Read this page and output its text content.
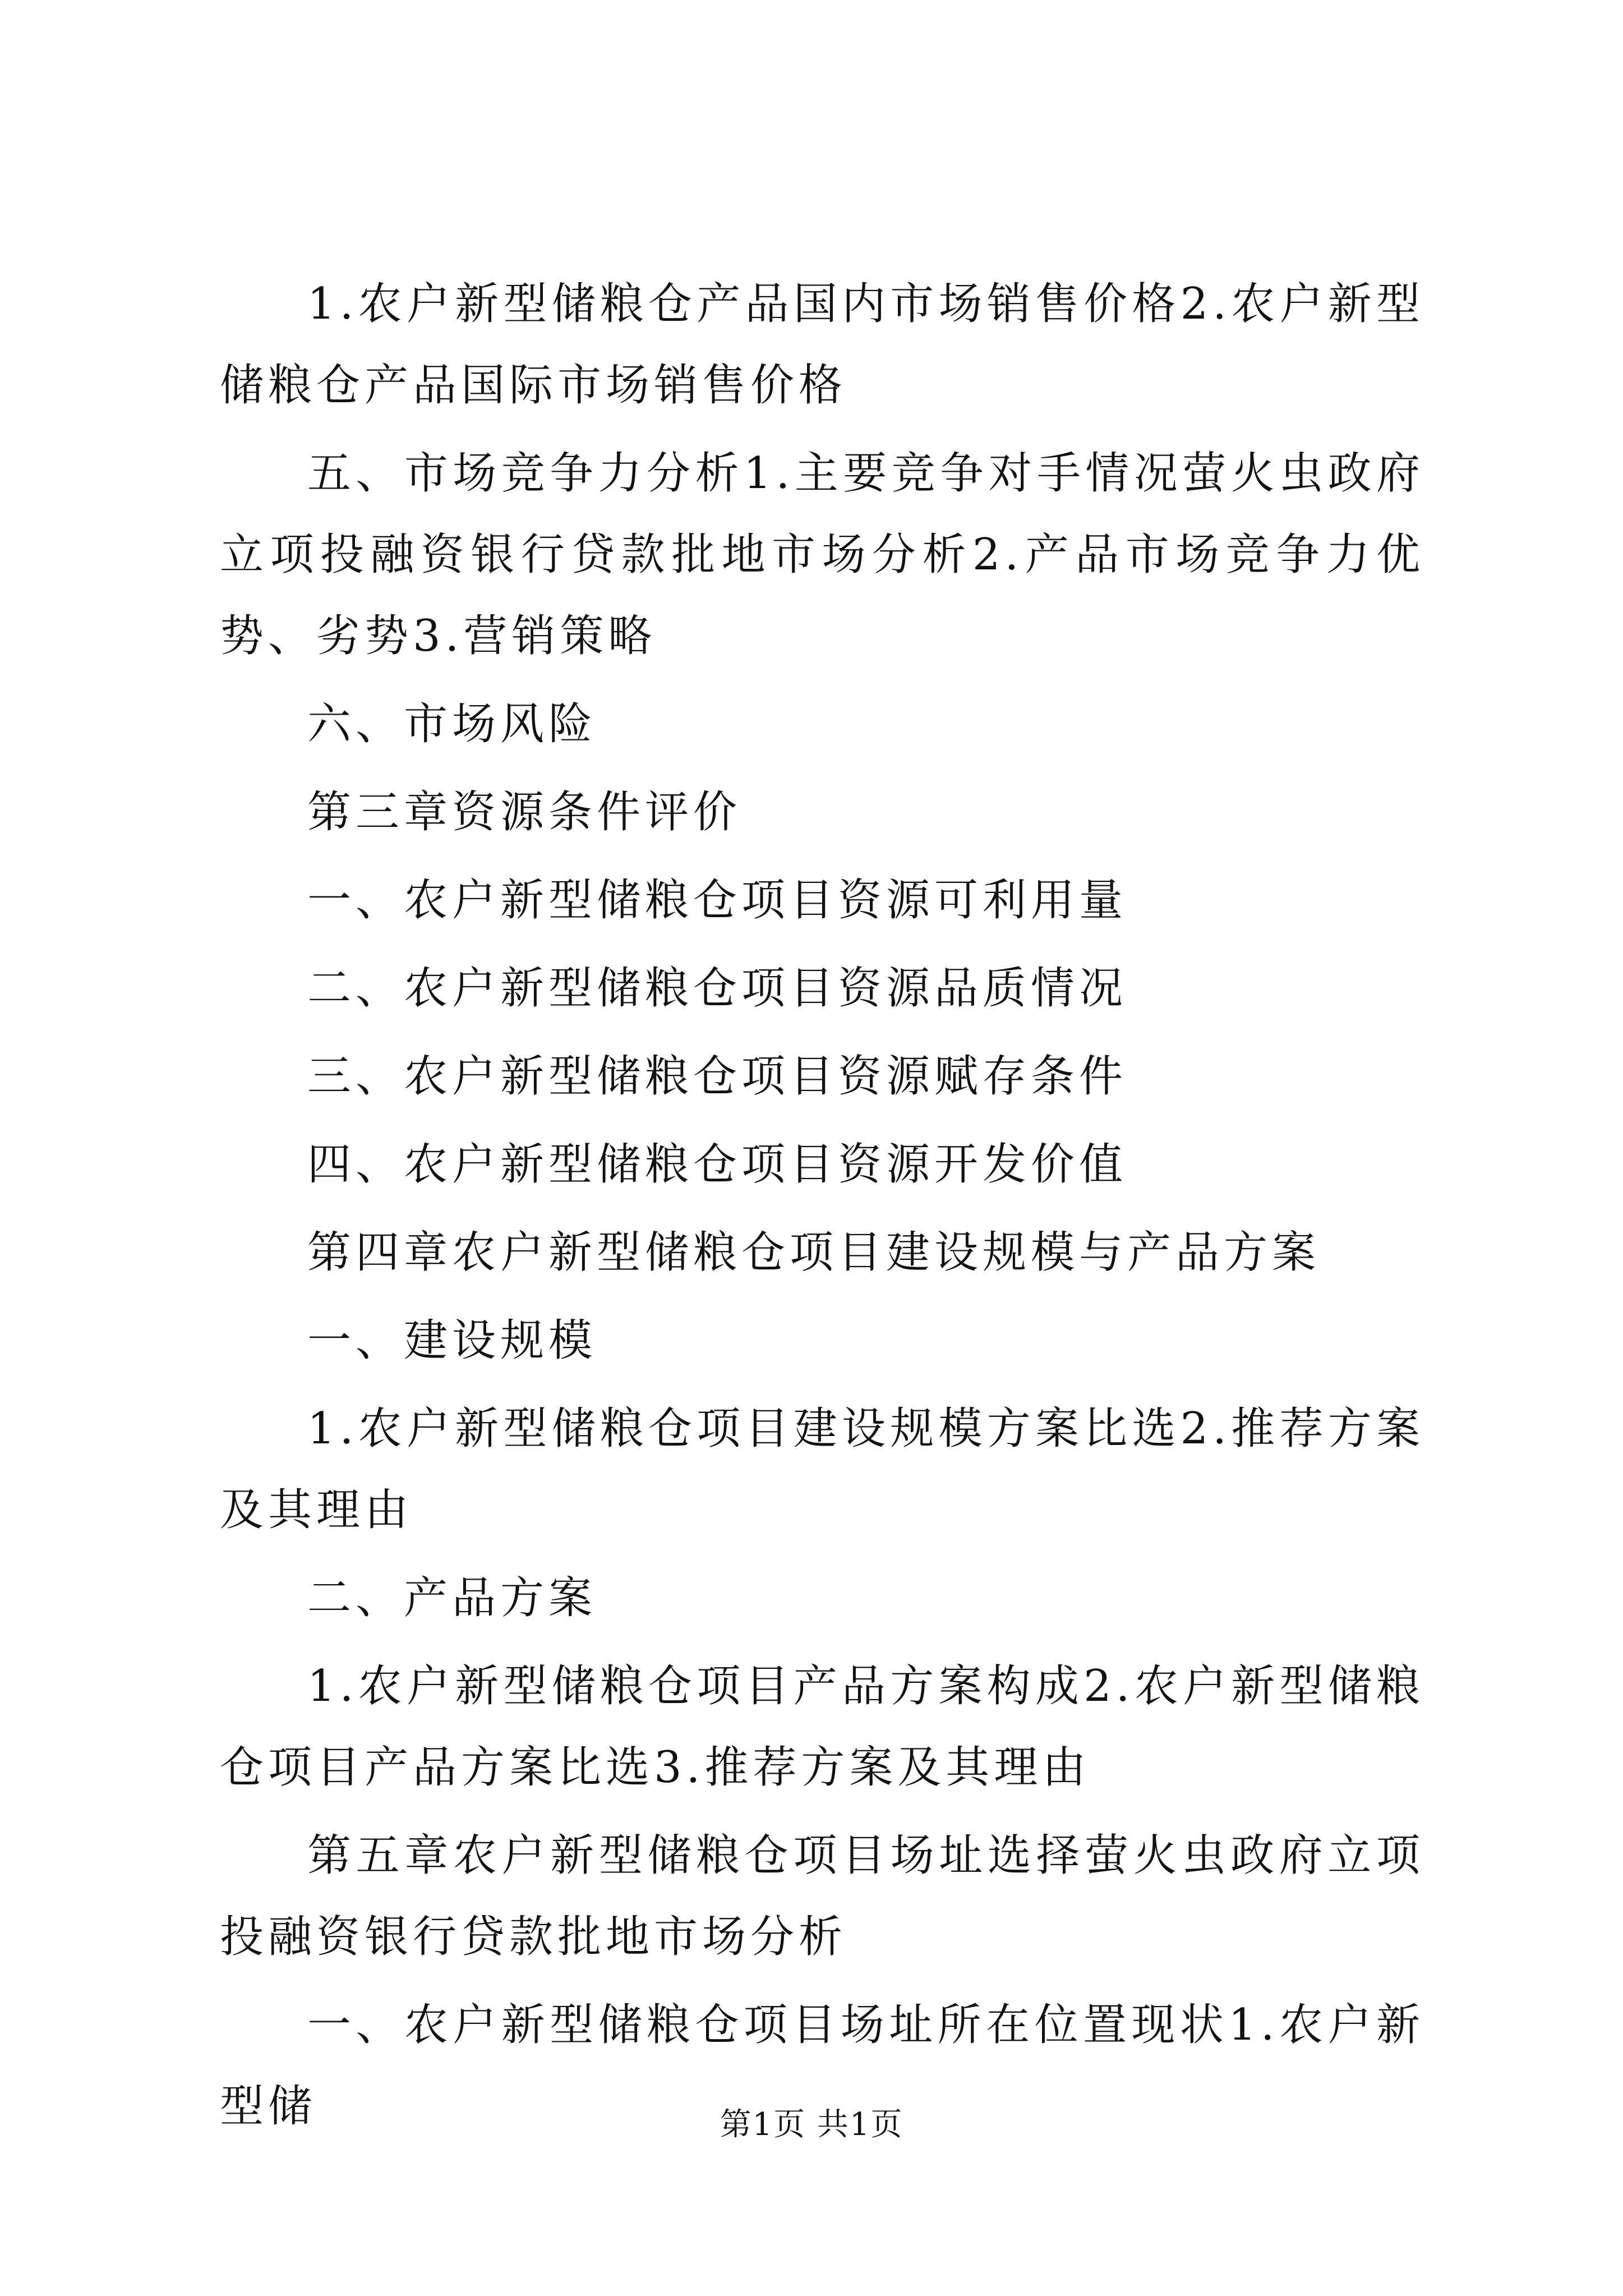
1.农户新型储粮仓产品国内市场销售价格2.农户新型储粮仓产品国际市场销售价格

五、市场竞争力分析1.主要竞争对手情况萤火虫政府立项投融资银行贷款批地市场分析2.产品市场竞争力优势、劣势3.营销策略

六、市场风险

第三章资源条件评价

一、农户新型储粮仓项目资源可利用量

二、农户新型储粮仓项目资源品质情况

三、农户新型储粮仓项目资源赋存条件

四、农户新型储粮仓项目资源开发价值

第四章农户新型储粮仓项目建设规模与产品方案

一、建设规模

1.农户新型储粮仓项目建设规模方案比选2.推荐方案及其理由

二、产品方案

1.农户新型储粮仓项目产品方案构成2.农户新型储粮仓项目产品方案比选3.推荐方案及其理由

第五章农户新型储粮仓项目场址选择萤火虫政府立项投融资银行贷款批地市场分析

一、农户新型储粮仓项目场址所在位置现状1.农户新型储	第1页 共1页
